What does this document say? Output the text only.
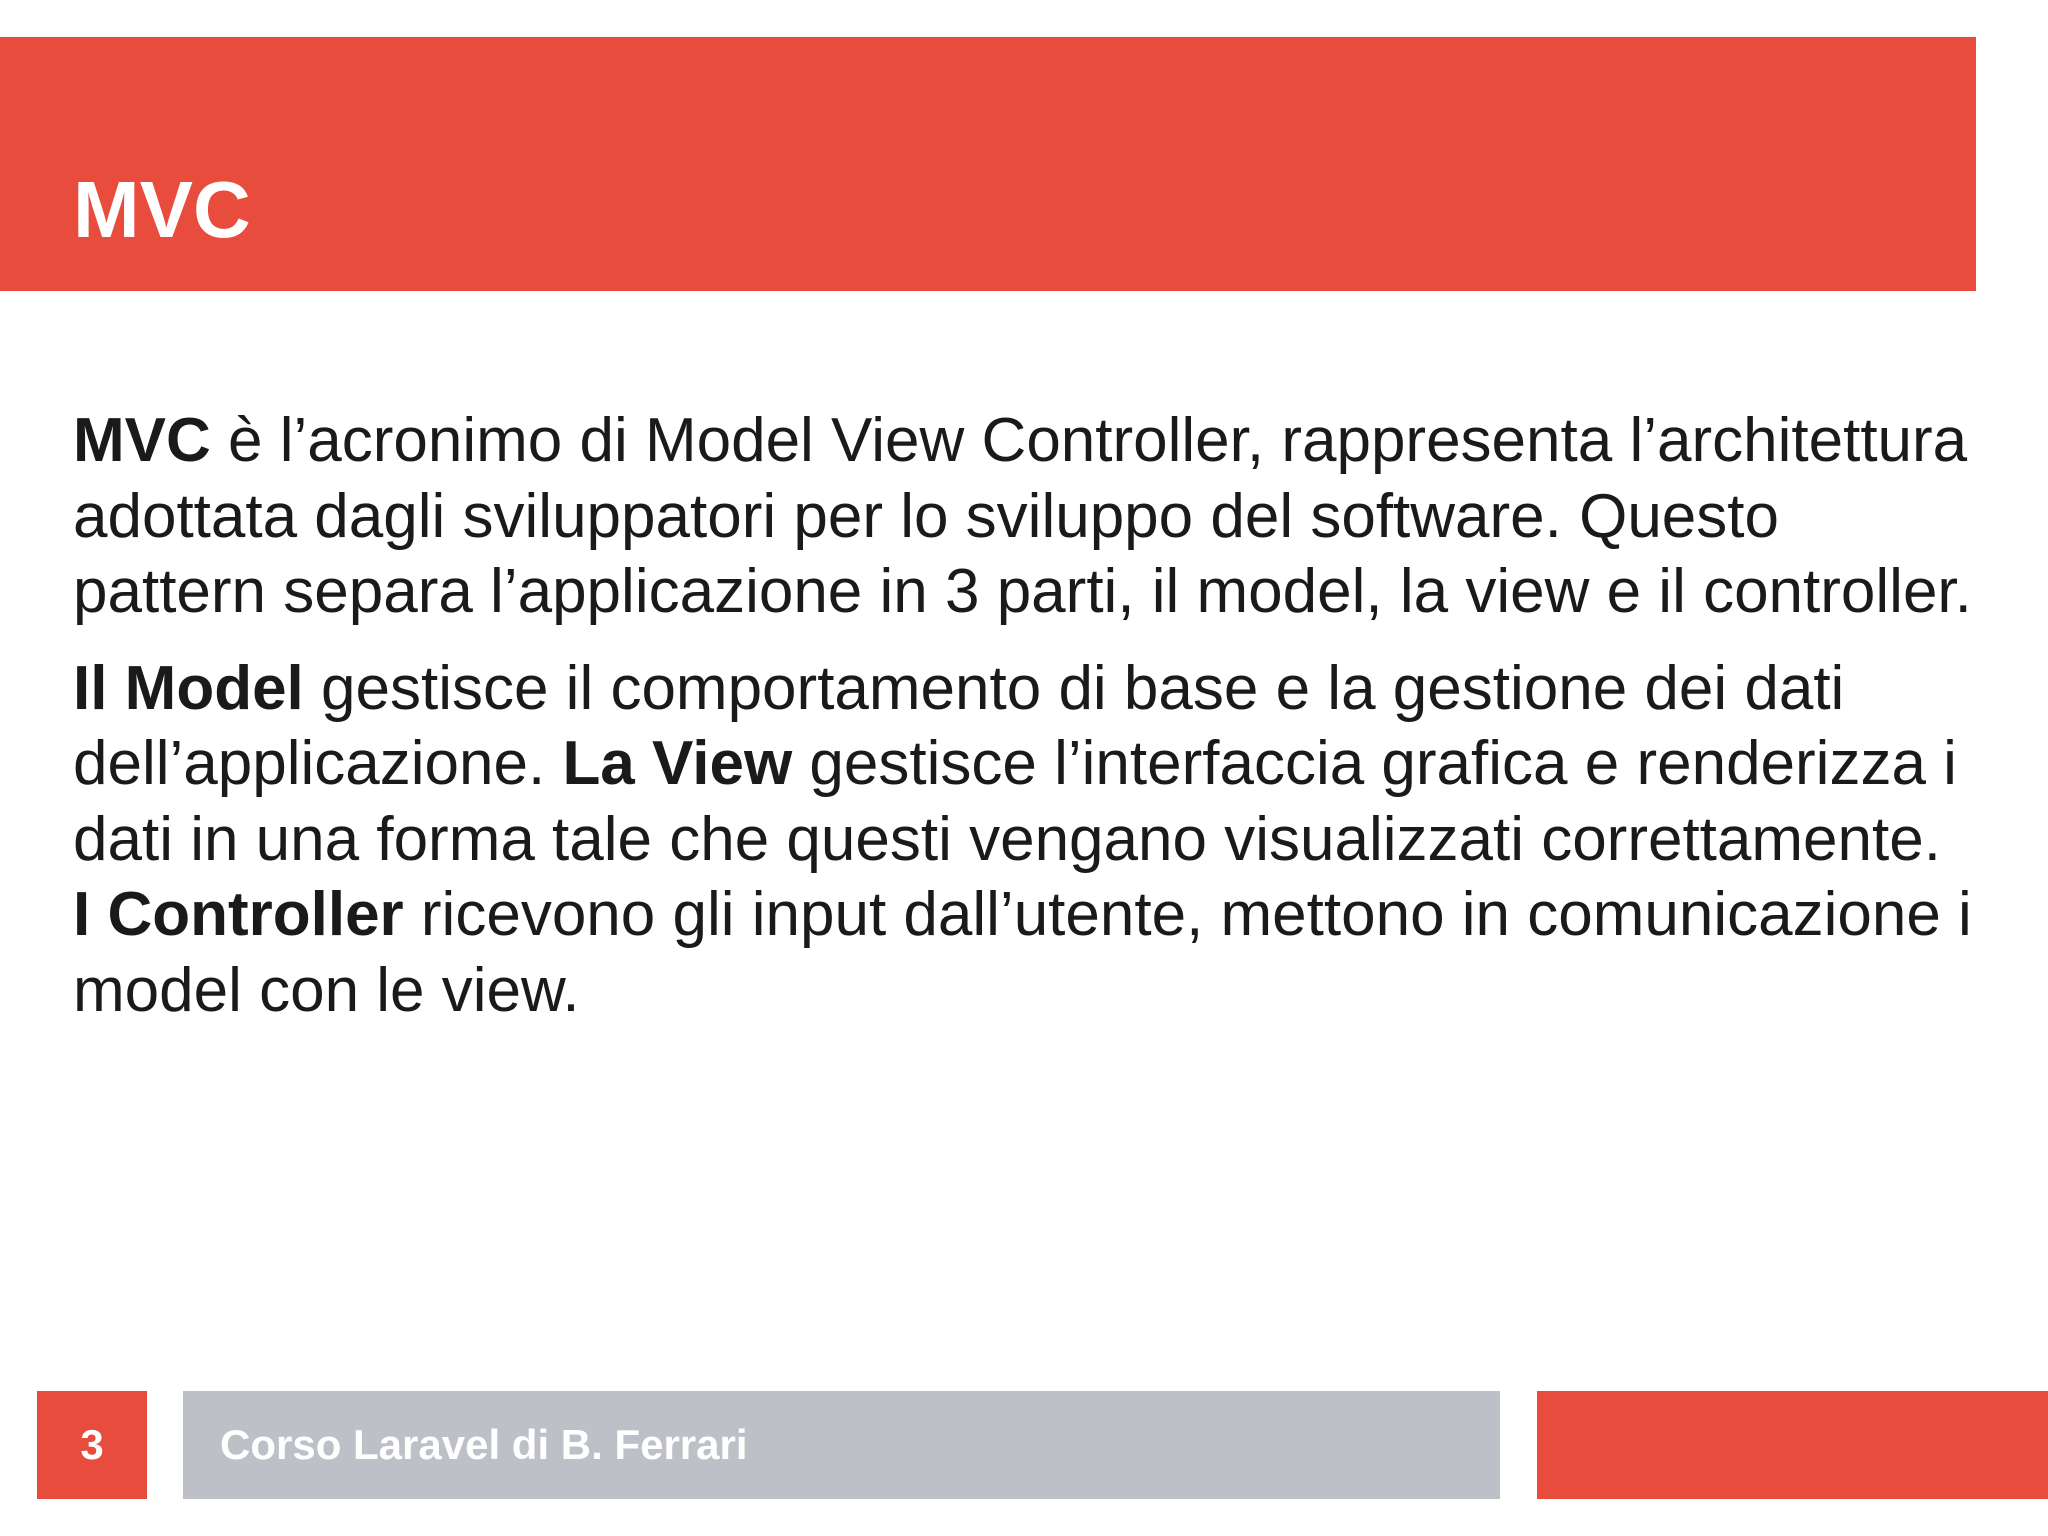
MVC

MVC è l’acronimo di Model View Controller, rappresenta l’architettura adottata dagli sviluppatori per lo sviluppo del software. Questo pattern separa l’applicazione in 3 parti, il model, la view e il controller.

Il Model gestisce il comportamento di base e la gestione dei dati dell’applicazione. La View gestisce l’interfaccia grafica e renderizza i dati in una forma tale che questi vengano visualizzati correttamente. I Controller ricevono gli input dall’utente, mettono in comunicazione i model con le view.

3	Corso Laravel di B. Ferrari
